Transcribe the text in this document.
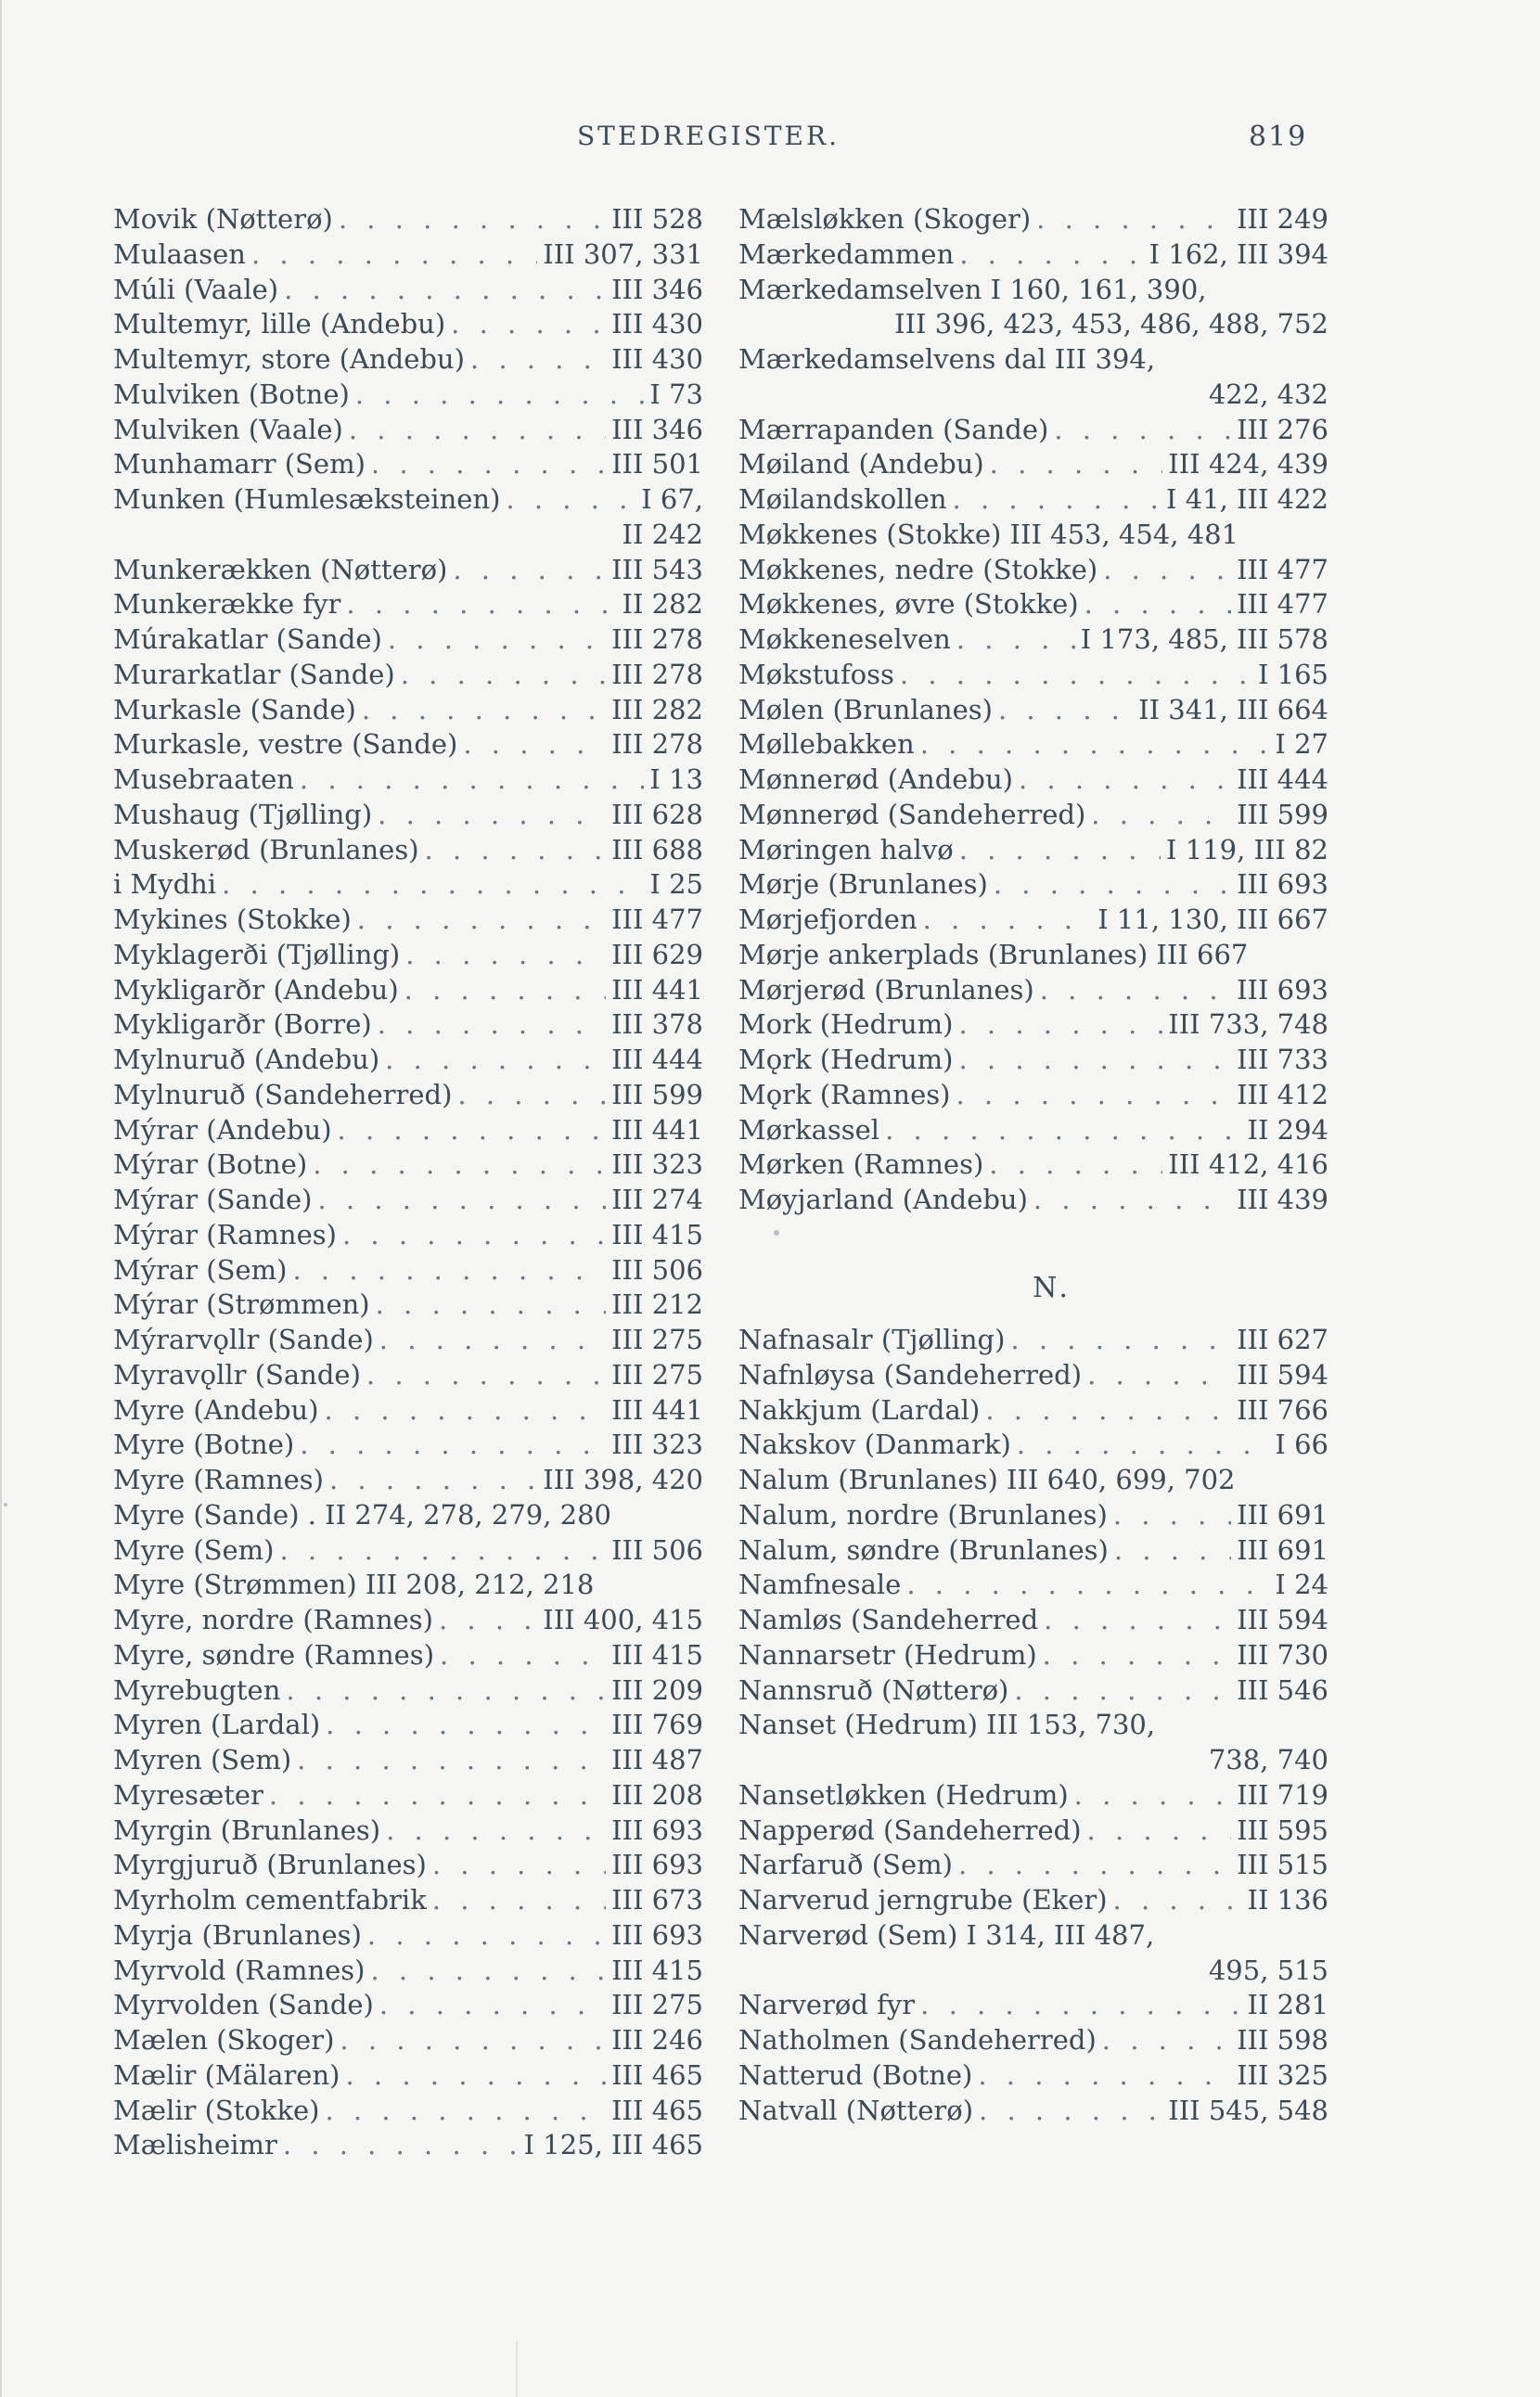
STEDREGISTER.	819
Movik (Nøtterø) . . .	III 528
Mulaasen . . .	III 307, 331
Múli (Vaale) . . .	III 346
Multemyr, lille (Andebu) . . .	III 430
Multemyr, store (Andebu) . . .	III 430
Mulviken (Botne) . . .	I 73
Mulviken (Vaale) . . .	III 346
Munhamarr (Sem) . . .	III 501
Munken (Humlesæksteinen) . . .	I 67,
II 242
Munkerækken (Nøtterø) . . .	III 543
Munkerække fyr . . .	II 282
Múrakatlar (Sande) . . .	III 278
Murarkatlar (Sande) . . .	III 278
Murkasle (Sande) . . .	III 282
Murkasle, vestre (Sande) . . .	III 278
Musebraaten . . .	I 13
Mushaug (Tjølling) . . .	III 628
Muskerød (Brunlanes) . . .	III 688
i Mydhi . . .	I 25
Mykines (Stokke) . . .	III 477
Myklagerði (Tjølling) . . .	III 629
Mykligarðr (Andebu) . . .	III 441
Mykligarðr (Borre) . . .	III 378
Mylnuruð (Andebu) . . .	III 444
Mylnuruð (Sandeherred) . . .	III 599
Mýrar (Andebu) . . .	III 441
Mýrar (Botne) . . .	III 323
Mýrar (Sande) . . .	III 274
Mýrar (Ramnes) . . .	III 415
Mýrar (Sem) . . .	III 506
Mýrar (Strømmen) . . .	III 212
Mýrarvǫllr (Sande) . . .	III 275
Myravǫllr (Sande) . . .	III 275
Myre (Andebu) . . .	III 441
Myre (Botne) . . .	III 323
Myre (Ramnes) . . .	III 398, 420
Myre (Sande) . II 274, 278, 279, 280
Myre (Sem) . . .	III 506
Myre (Strømmen) III 208, 212, 218
Myre, nordre (Ramnes) . . .	III 400, 415
Myre, søndre (Ramnes) . . .	III 415
Myrebugten . . .	III 209
Myren (Lardal) . . .	III 769
Myren (Sem) . . .	III 487
Myresæter . . .	III 208
Myrgin (Brunlanes) . . .	III 693
Myrgjuruð (Brunlanes) . . .	III 693
Myrholm cementfabrik . . .	III 673
Myrja (Brunlanes) . . .	III 693
Myrvold (Ramnes) . . .	III 415
Myrvolden (Sande) . . .	III 275
Mælen (Skoger) . . .	III 246
Mælir (Mälaren) . . .	III 465
Mælir (Stokke) . . .	III 465
Mælisheimr . . .	I 125, III 465
Mælsløkken (Skoger) . . .	III 249
Mærkedammen . . .	I 162, III 394
Mærkedamselven I 160, 161, 390,
III 396, 423, 453, 486, 488, 752
Mærkedamselvens dal III 394,
422, 432
Mærrapanden (Sande) . . .	III 276
Møiland (Andebu) . . .	III 424, 439
Møilandskollen . . .	I 41, III 422
Møkkenes (Stokke) III 453, 454, 481
Møkkenes, nedre (Stokke) . . .	III 477
Møkkenes, øvre (Stokke) . . .	III 477
Møkkeneselven . . .	I 173, 485, III 578
Møkstufoss . . .	I 165
Mølen (Brunlanes) . . .	II 341, III 664
Møllebakken . . .	I 27
Mønnerød (Andebu) . . .	III 444
Mønnerød (Sandeherred) . . .	III 599
Møringen halvø . . .	I 119, III 82
Mørje (Brunlanes) . . .	III 693
Mørjefjorden . . .	I 11, 130, III 667
Mørje ankerplads (Brunlanes) III 667
Mørjerød (Brunlanes) . . .	III 693
Mork (Hedrum) . . .	III 733, 748
Mǫrk (Hedrum) . . .	III 733
Mǫrk (Ramnes) . . .	III 412
Mørkassel . . .	II 294
Mørken (Ramnes) . . .	III 412, 416
Møyjarland (Andebu) . . .	III 439
N.
Nafnasalr (Tjølling) . . .	III 627
Nafnløysa (Sandeherred) . . .	III 594
Nakkjum (Lardal) . . .	III 766
Nakskov (Danmark) . . .	I 66
Nalum (Brunlanes) III 640, 699, 702
Nalum, nordre (Brunlanes) . . .	III 691
Nalum, søndre (Brunlanes) . . .	III 691
Namfnesale . . .	I 24
Namløs (Sandeherred . . .	III 594
Nannarsetr (Hedrum) . . .	III 730
Nannsruð (Nøtterø) . . .	III 546
Nanset (Hedrum) III 153, 730,
738, 740
Nansetløkken (Hedrum) . . .	III 719
Napperød (Sandeherred) . . .	III 595
Narfaruð (Sem) . . .	III 515
Narverud jerngrube (Eker) . . .	II 136
Narverød (Sem) I 314, III 487,
495, 515
Narverød fyr . . .	II 281
Natholmen (Sandeherred) . . .	III 598
Natterud (Botne) . . .	III 325
Natvall (Nøtterø) . . .	III 545, 548
